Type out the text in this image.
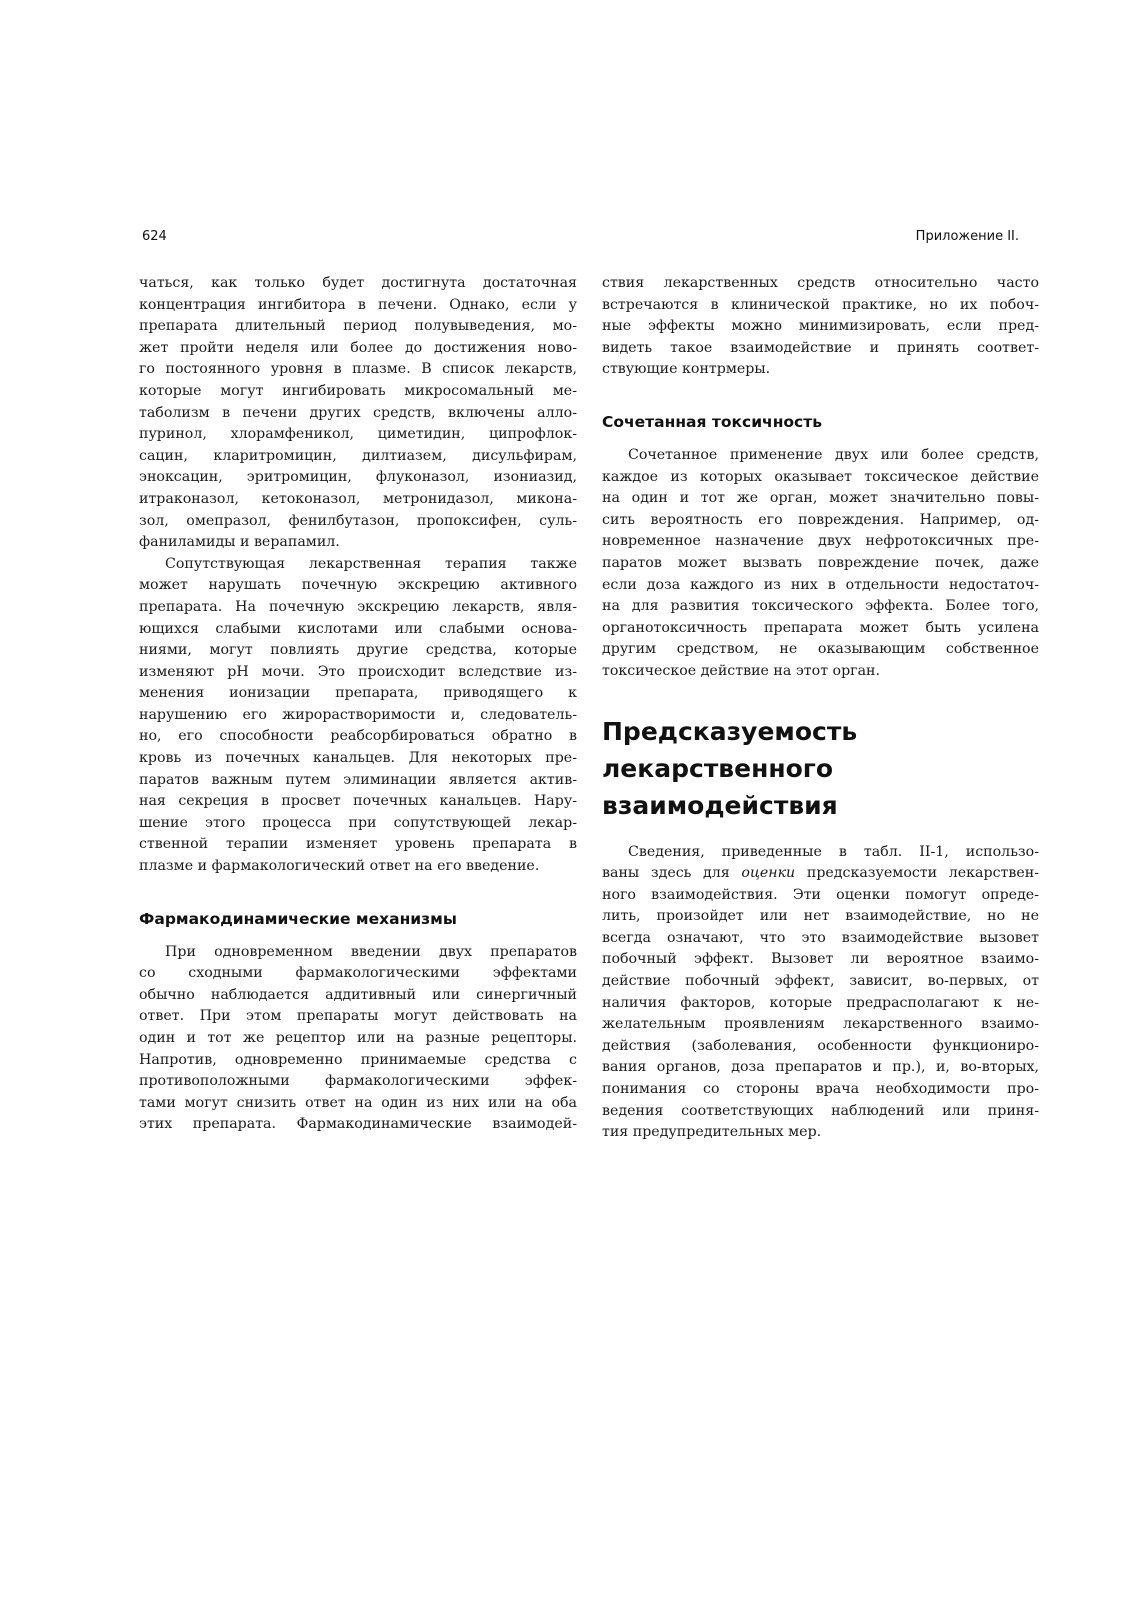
624	Приложение II.
чаться, как только будет достигнута достаточная
концентрация ингибитора в печени. Однако, если у
препарата длительный период полувыведения, мо-
жет пройти неделя или более до достижения ново-
го постоянного уровня в плазме. В список лекарств,
которые могут ингибировать микросомальный ме-
таболизм в печени других средств, включены алло-
пуринол, хлорамфеникол, циметидин, ципрофлок-
сацин, кларитромицин, дилтиазем, дисульфирам,
эноксацин, эритромицин, флуконазол, изониазид,
итраконазол, кетоконазол, метронидазол, миконa-
зол, омепразол, фенилбутазон, пропоксифен, суль-
фаниламиды и верапамил.
Сопутствующая лекарственная терапия также
может нарушать почечную экскрецию активного
препарата. На почечную экскрецию лекарств, явля-
ющихся слабыми кислотами или слабыми основа-
ниями, могут повлиять другие средства, которые
изменяют рН мочи. Это происходит вследствие из-
менения ионизации препарата, приводящего к
нарушению его жирорастворимости и, следователь-
но, его способности реабсорбироваться обратно в
кровь из почечных канальцев. Для некоторых пре-
паратов важным путем элиминации является актив-
ная секреция в просвет почечных канальцев. Нару-
шение этого процесса при сопутствующей лекар-
ственной терапии изменяет уровень препарата в
плазме и фармакологический ответ на его введение.
Фармакодинамические механизмы
При одновременном введении двух препаратов
со сходными фармакологическими эффектами
обычно наблюдается аддитивный или синергичный
ответ. При этом препараты могут действовать на
один и тот же рецептор или на разные рецепторы.
Напротив, одновременно принимаемые средства с
противоположными фармакологическими эффек-
тами могут снизить ответ на один из них или на оба
этих препарата. Фармакодинамические взаимодей-
ствия лекарственных средств относительно часто
встречаются в клинической практике, но их побоч-
ные эффекты можно минимизировать, если пред-
видеть такое взаимодействие и принять соответ-
ствующие контрмеры.
Сочетанная токсичность
Сочетанное применение двух или более средств,
каждое из которых оказывает токсическое действие
на один и тот же орган, может значительно повы-
сить вероятность его повреждения. Например, од-
новременное назначение двух нефротоксичных пре-
паратов может вызвать повреждение почек, даже
если доза каждого из них в отдельности недостаточ-
на для развития токсического эффекта. Более того,
органотоксичность препарата может быть усилена
другим средством, не оказывающим собственное
токсическое действие на этот орган.
Предсказуемость
лекарственного
взаимодействия
Сведения, приведенные в табл. II-1, использо-
ваны здесь для оценки предсказуемости лекарствен-
ного взаимодействия. Эти оценки помогут опреде-
лить, произойдет или нет взаимодействие, но не
всегда означают, что это взаимодействие вызовет
побочный эффект. Вызовет ли вероятное взаимо-
действие побочный эффект, зависит, во-первых, от
наличия факторов, которые предрасполагают к не-
желательным проявлениям лекарственного взаимо-
действия (заболевания, особенности функциониро-
вания органов, доза препаратов и пр.), и, во-вторых,
понимания со стороны врача необходимости про-
ведения соответствующих наблюдений или приня-
тия предупредительных мер.
